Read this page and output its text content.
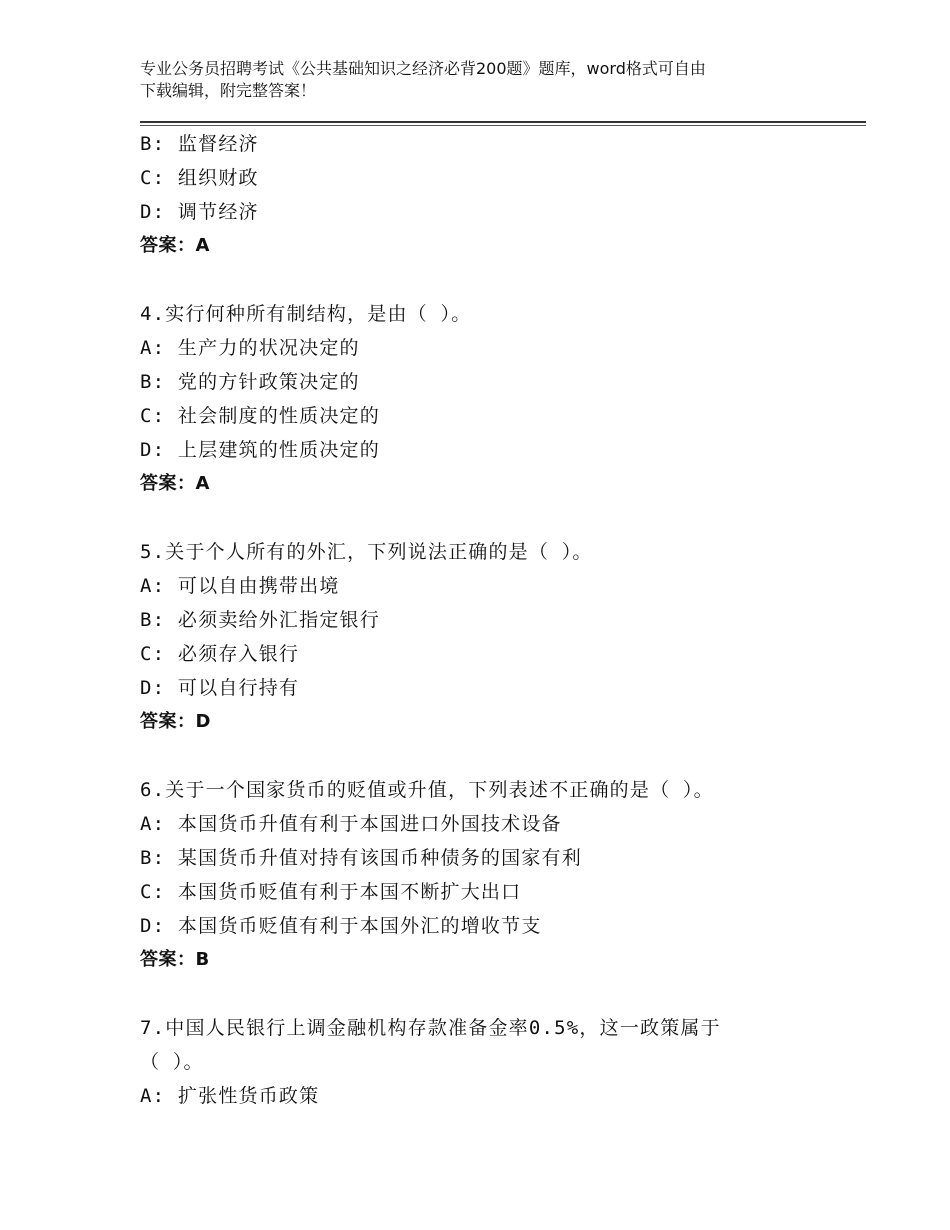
专业公务员招聘考试《公共基础知识之经济必背200题》题库，word格式可自由
下载编辑，附完整答案！
B: 监督经济
C: 组织财政
D: 调节经济
答案：A
4.实行何种所有制结构，是由（ ）。
A: 生产力的状况决定的
B: 党的方针政策决定的
C: 社会制度的性质决定的
D: 上层建筑的性质决定的
答案：A
5.关于个人所有的外汇，下列说法正确的是（ ）。
A: 可以自由携带出境
B: 必须卖给外汇指定银行
C: 必须存入银行
D: 可以自行持有
答案：D
6.关于一个国家货币的贬值或升值，下列表述不正确的是（ ）。
A: 本国货币升值有利于本国进口外国技术设备
B: 某国货币升值对持有该国币种债务的国家有利
C: 本国货币贬值有利于本国不断扩大出口
D: 本国货币贬值有利于本国外汇的增收节支
答案：B
7.中国人民银行上调金融机构存款准备金率0.5%，这一政策属于
（ ）。
A: 扩张性货币政策
